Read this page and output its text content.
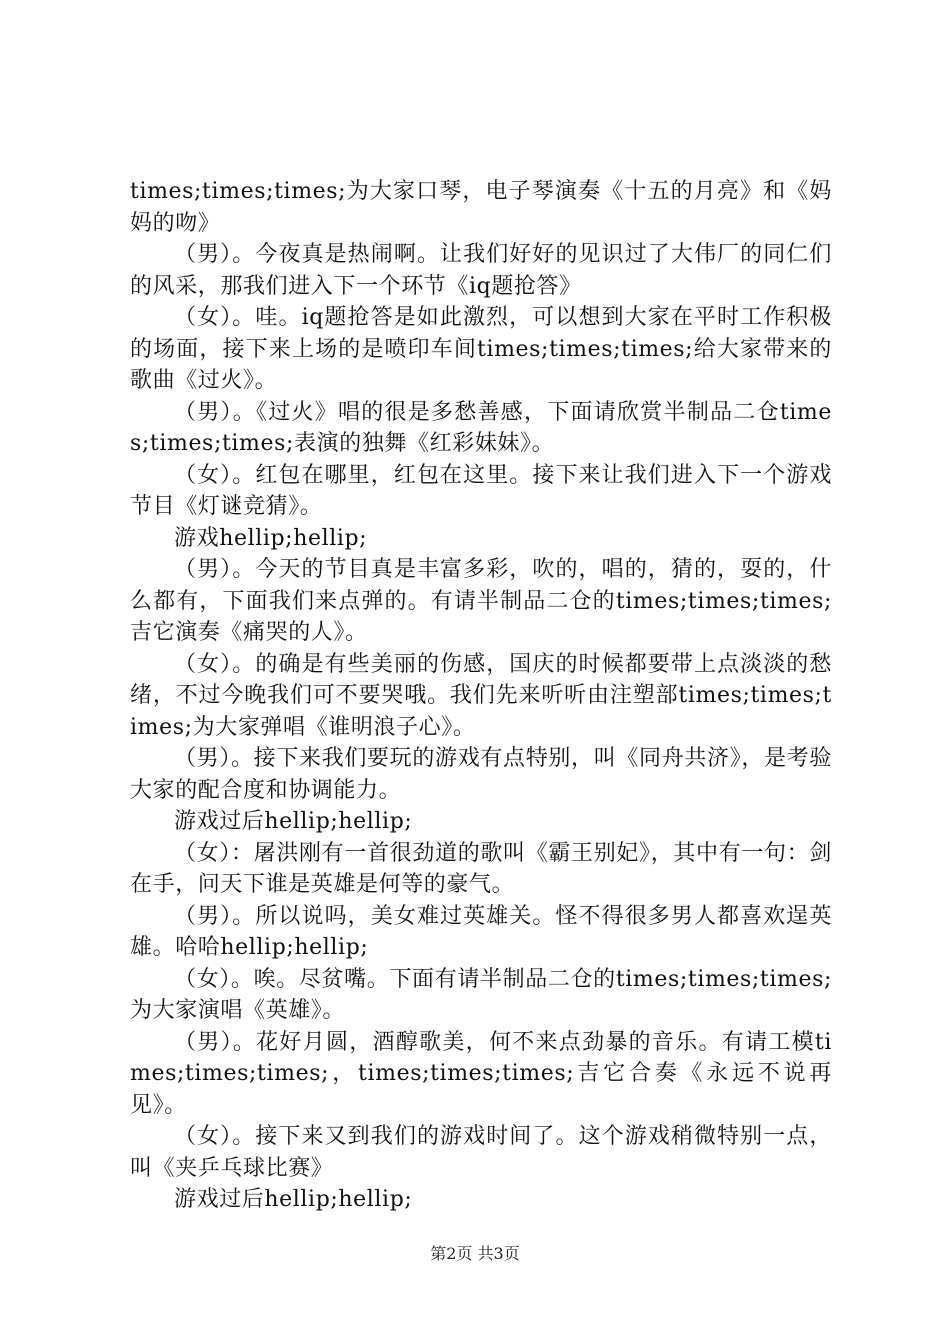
times;times;times;为大家口琴，电子琴演奏《十五的月亮》和《妈妈的吻》

（男）。今夜真是热闹啊。让我们好好的见识过了大伟厂的同仁们的风采，那我们进入下一个环节《iq题抢答》

（女）。哇。iq题抢答是如此激烈，可以想到大家在平时工作积极的场面，接下来上场的是喷印车间times;times;times;给大家带来的歌曲《过火》。

（男）。《过火》唱的很是多愁善感，下面请欣赏半制品二仓times;times;times;表演的独舞《红彩妹妹》。

（女）。红包在哪里，红包在这里。接下来让我们进入下一个游戏节目《灯谜竞猜》。

游戏hellip;hellip;

（男）。今天的节目真是丰富多彩，吹的，唱的，猜的，耍的，什么都有，下面我们来点弹的。有请半制品二仓的times;times;times;吉它演奏《痛哭的人》。

（女）。的确是有些美丽的伤感，国庆的时候都要带上点淡淡的愁绪，不过今晚我们可不要哭哦。我们先来听听由注塑部times;times;times;为大家弹唱《谁明浪子心》。

（男）。接下来我们要玩的游戏有点特别，叫《同舟共济》，是考验大家的配合度和协调能力。

游戏过后hellip;hellip;

（女）：屠洪刚有一首很劲道的歌叫《霸王别妃》，其中有一句：剑在手，问天下谁是英雄是何等的豪气。

（男）。所以说吗，美女难过英雄关。怪不得很多男人都喜欢逞英雄。哈哈hellip;hellip;

（女）。唉。尽贫嘴。下面有请半制品二仓的times;times;times;为大家演唱《英雄》。

（男）。花好月圆，酒醇歌美，何不来点劲暴的音乐。有请工模times;times;times;，times;times;times;吉它合奏《永远不说再见》。

（女）。接下来又到我们的游戏时间了。这个游戏稍微特别一点，叫《夹乒乓球比赛》

游戏过后hellip;hellip;

第2页 共3页
